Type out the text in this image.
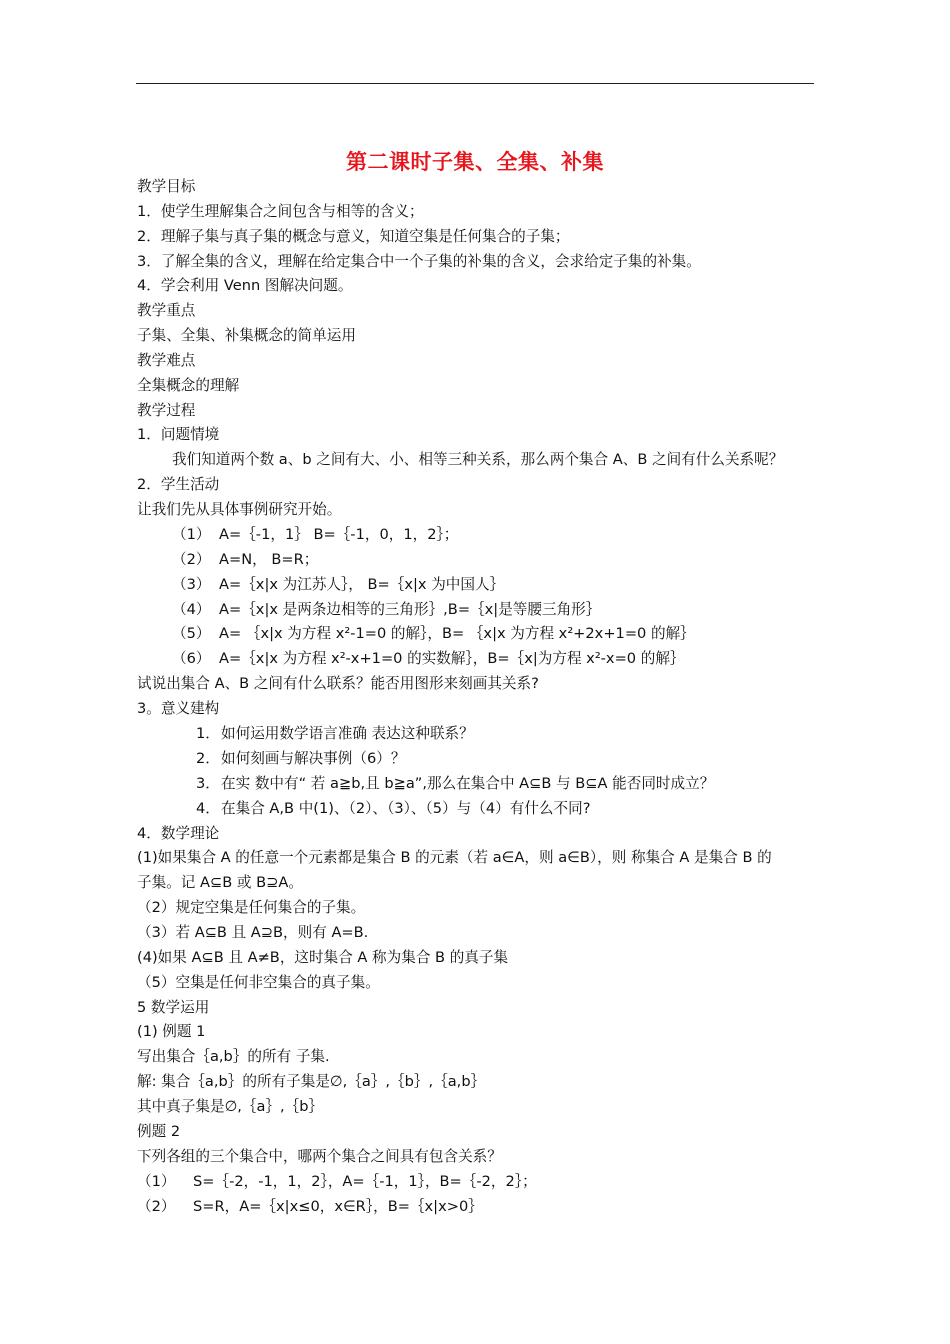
第二课时子集、全集、补集
教学目标
1．使学生理解集合之间包含与相等的含义；
2．理解子集与真子集的概念与意义，知道空集是任何集合的子集；
3．了解全集的含义，理解在给定集合中一个子集的补集的含义，会求给定子集的补集。
4．学会利用 Venn 图解决问题。
教学重点
子集、全集、补集概念的简单运用
教学难点
全集概念的理解
教学过程
1．问题情境
我们知道两个数 a、b 之间有大、小、相等三种关系，那么两个集合 A、B 之间有什么关系呢？
2．学生活动
让我们先从具体事例研究开始。
（1） A=｛-1，1｝ B=｛-1，0，1，2｝；
（2） A=N， B=R；
（3） A=｛x|x 为江苏人｝， B=｛x|x 为中国人｝
（4） A=｛x|x 是两条边相等的三角形｝,B=｛x|是等腰三角形｝
（5） A= ｛x|x 为方程 x²-1=0 的解｝，B= ｛x|x 为方程 x²+2x+1=0 的解｝
（6） A=｛x|x 为方程 x²-x+1=0 的实数解｝，B=｛x|为方程 x²-x=0 的解｝
试说出集合 A、B 之间有什么联系？能否用图形来刻画其关系?
3。意义建构
1．如何运用数学语言准确 表达这种联系？
2．如何刻画与解决事例（6）？
3．在实 数中有“ 若 a≧b,且 b≧a”,那么在集合中 A⊆B 与 B⊆A 能否同时成立？
4．在集合 A,B 中(1)、（2）、（3）、（5）与（4）有什么不同?
4．数学理论
(1)如果集合 A 的任意一个元素都是集合 B 的元素（若 a∈A，则 a∈B），则 称集合 A 是集合 B 的
子集。记 A⊆B 或 B⊇A。
（2）规定空集是任何集合的子集。
（3）若 A⊆B 且 A⊇B，则有 A=B.
(4)如果 A⊆B 且 A≠B，这时集合 A 称为集合 B 的真子集
（5）空集是任何非空集合的真子集。
5 数学运用
(1) 例题 1
写出集合｛a,b｝的所有 子集.
解: 集合｛a,b｝的所有子集是∅,｛a｝,｛b｝,｛a,b｝
其中真子集是∅,｛a｝,｛b｝
例题 2
下列各组的三个集合中，哪两个集合之间具有包含关系？
（1） S=｛-2，-1，1，2｝，A=｛-1，1｝，B=｛-2，2｝；
（2） S=R，A=｛x|x≤0，x∈R｝，B=｛x|x>0｝
